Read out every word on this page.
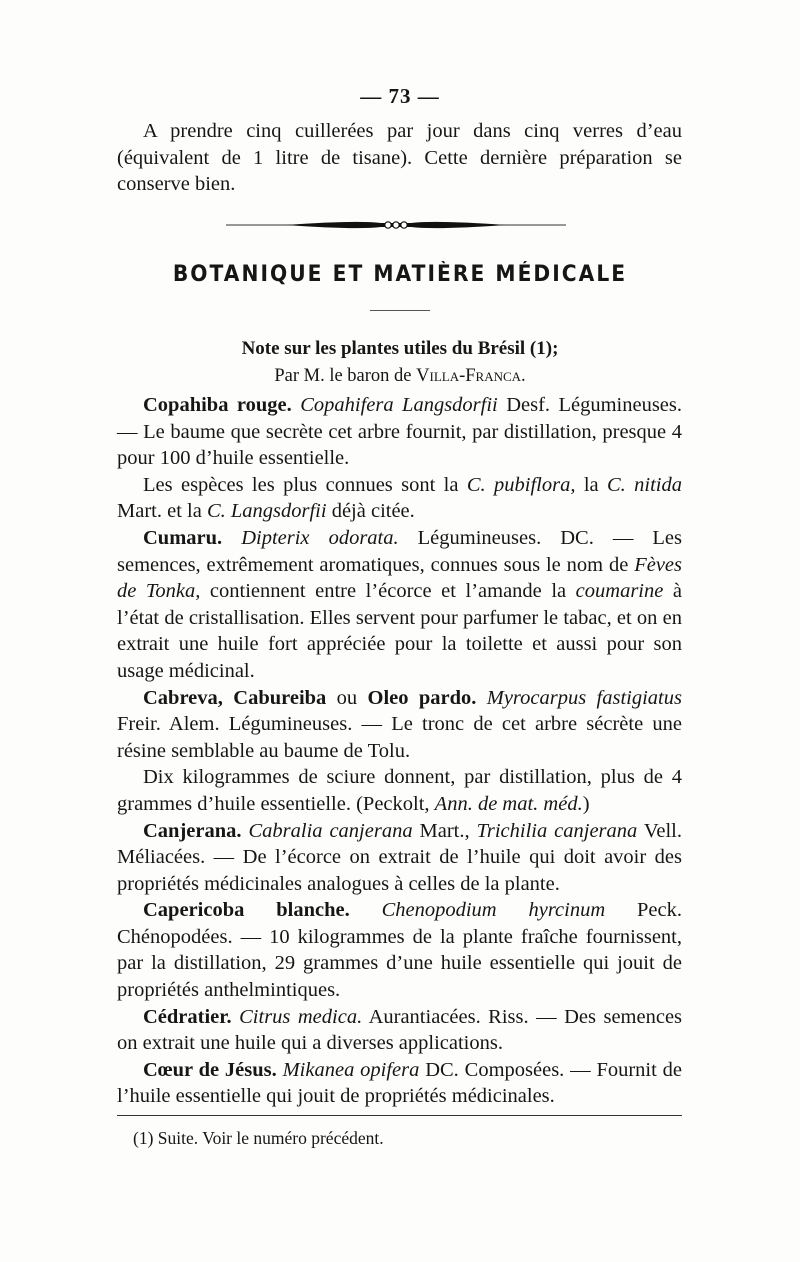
— 73 —

A prendre cinq cuillerées par jour dans cinq verres d’eau (équivalent de 1 litre de tisane). Cette dernière préparation se conserve bien.

BOTANIQUE ET MATIÈRE MÉDICALE
Note sur les plantes utiles du Brésil (1);
Par M. le baron de Villa-Franca.

Copahiba rouge. Copahifera Langsdorfii Desf. Légumineuses. — Le baume que secrète cet arbre fournit, par distillation, presque 4 pour 100 d’huile essentielle.

Les espèces les plus connues sont la C. pubiflora, la C. nitida Mart. et la C. Langsdorfii déjà citée.

Cumaru. Dipterix odorata. Légumineuses. DC. — Les semences, extrêmement aromatiques, connues sous le nom de Fèves de Tonka, contiennent entre l’écorce et l’amande la coumarine à l’état de cristallisation. Elles servent pour parfumer le tabac, et on en extrait une huile fort appréciée pour la toilette et aussi pour son usage médicinal.

Cabreva, Cabureiba ou Oleo pardo. Myrocarpus fastigiatus Freir. Alem. Légumineuses. — Le tronc de cet arbre sécrète une résine semblable au baume de Tolu.

Dix kilogrammes de sciure donnent, par distillation, plus de 4 grammes d’huile essentielle. (Peckolt, Ann. de mat. méd.)

Canjerana. Cabralia canjerana Mart., Trichilia canjerana Vell. Méliacées. — De l’écorce on extrait de l’huile qui doit avoir des propriétés médicinales analogues à celles de la plante.

Capericoba blanche. Chenopodium hyrcinum Peck. Chénopodées. — 10 kilogrammes de la plante fraîche fournissent, par la distillation, 29 grammes d’une huile essentielle qui jouit de propriétés anthelmintiques.

Cédratier. Citrus medica. Aurantiacées. Riss. — Des semences on extrait une huile qui a diverses applications.

Cœur de Jésus. Mikanea opifera DC. Composées. — Fournit de l’huile essentielle qui jouit de propriétés médicinales.

(1) Suite. Voir le numéro précédent.
